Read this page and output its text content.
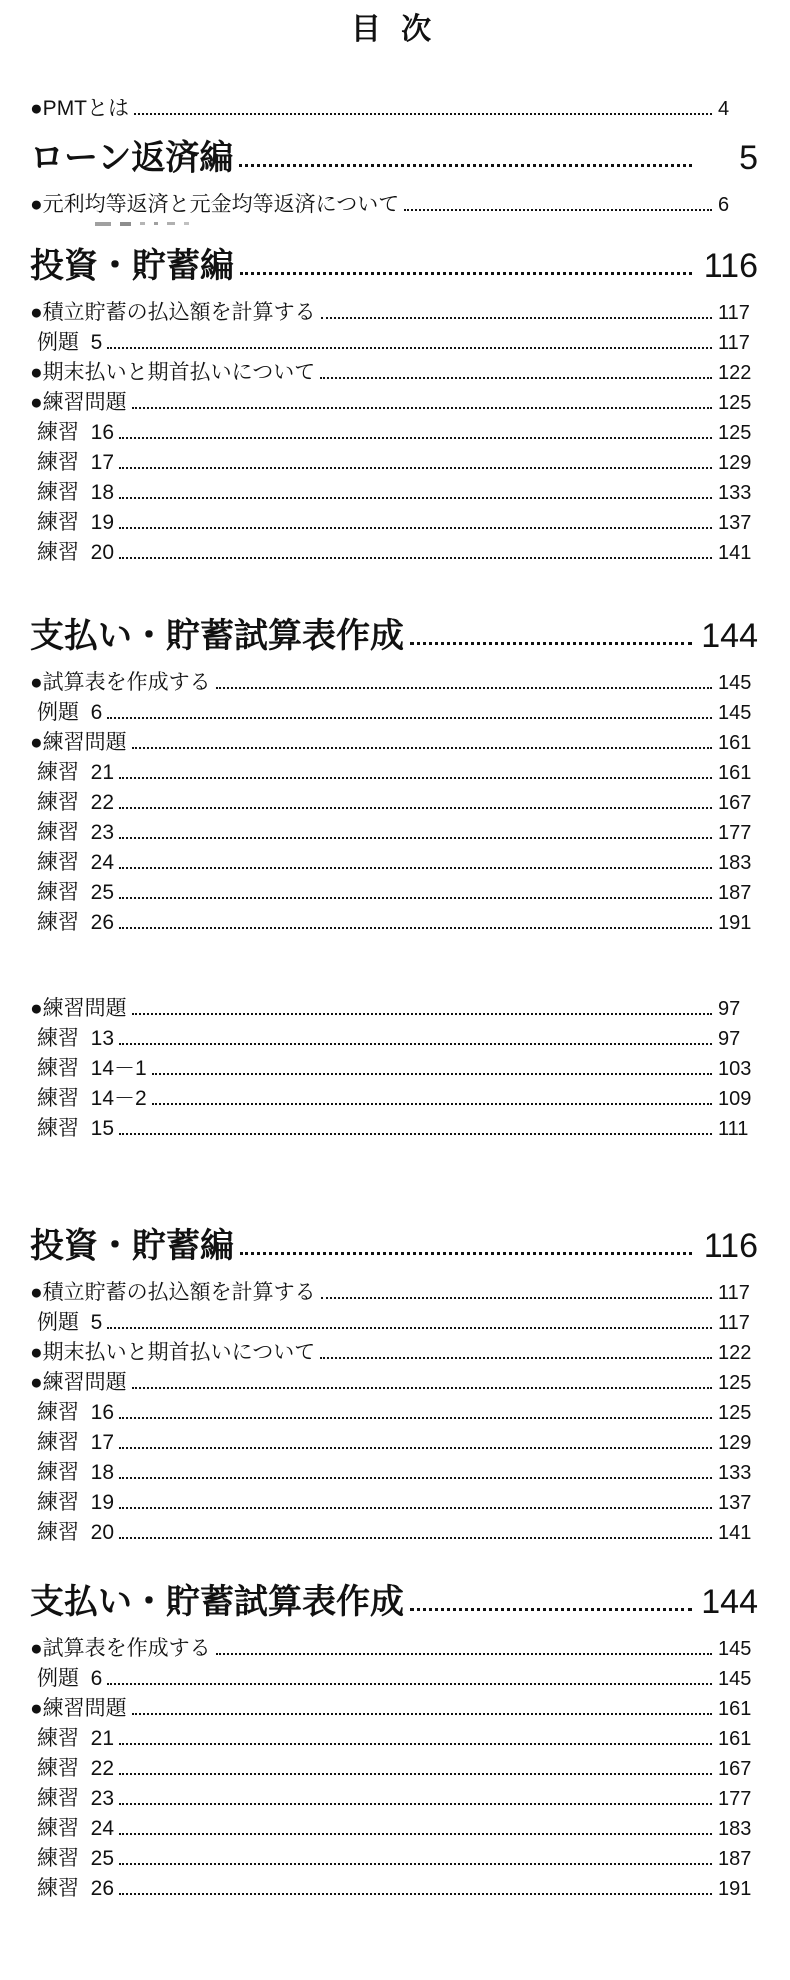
目 次
●PMTとは	4
ローン返済編	5
●元利均等返済と元金均等返済について	6
投資・貯蓄編	116
●積立貯蓄の払込額を計算する	117
例題  5	117
●期末払いと期首払いについて	122
●練習問題	125
練習  16	125
練習  17	129
練習  18	133
練習  19	137
練習  20	141
支払い・貯蓄試算表作成	144
●試算表を作成する	145
例題  6	145
●練習問題	161
練習  21	161
練習  22	167
練習  23	177
練習  24	183
練習  25	187
練習  26	191
●練習問題	97
練習  13	97
練習  14－1	103
練習  14－2	109
練習  15	111
投資・貯蓄編	116
●積立貯蓄の払込額を計算する	117
例題  5	117
●期末払いと期首払いについて	122
●練習問題	125
練習  16	125
練習  17	129
練習  18	133
練習  19	137
練習  20	141
支払い・貯蓄試算表作成	144
●試算表を作成する	145
例題  6	145
●練習問題	161
練習  21	161
練習  22	167
練習  23	177
練習  24	183
練習  25	187
練習  26	191
